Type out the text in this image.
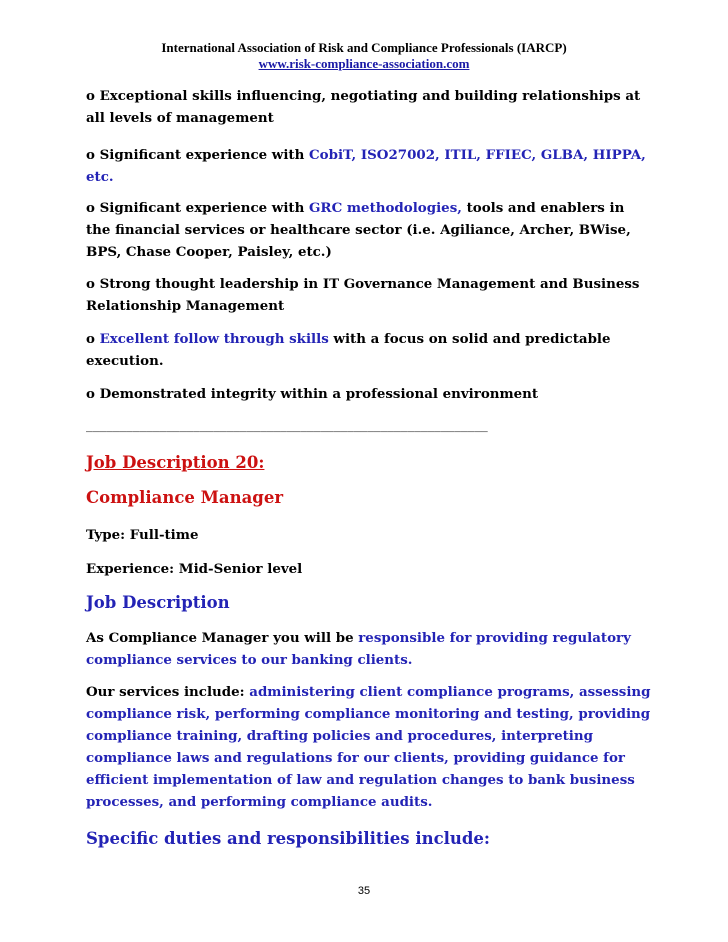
International Association of Risk and Compliance Professionals (IARCP)
www.risk-compliance-association.com
o Exceptional skills influencing, negotiating and building relationships at all levels of management
o Significant experience with CobiT, ISO27002, ITIL, FFIEC, GLBA, HIPPA, etc.
o Significant experience with GRC methodologies, tools and enablers in the financial services or healthcare sector (i.e. Agiliance, Archer, BWise, BPS, Chase Cooper, Paisley, etc.)
o Strong thought leadership in IT Governance Management and Business Relationship Management
o Excellent follow through skills with a focus on solid and predictable execution.
o Demonstrated integrity within a professional environment
____________________________________________________________
Job Description 20:
Compliance Manager
Type: Full-time
Experience: Mid-Senior level
Job Description
As Compliance Manager you will be responsible for providing regulatory compliance services to our banking clients.
Our services include: administering client compliance programs, assessing compliance risk, performing compliance monitoring and testing, providing compliance training, drafting policies and procedures, interpreting compliance laws and regulations for our clients, providing guidance for efficient implementation of law and regulation changes to bank business processes, and performing compliance audits.
Specific duties and responsibilities include:
35
